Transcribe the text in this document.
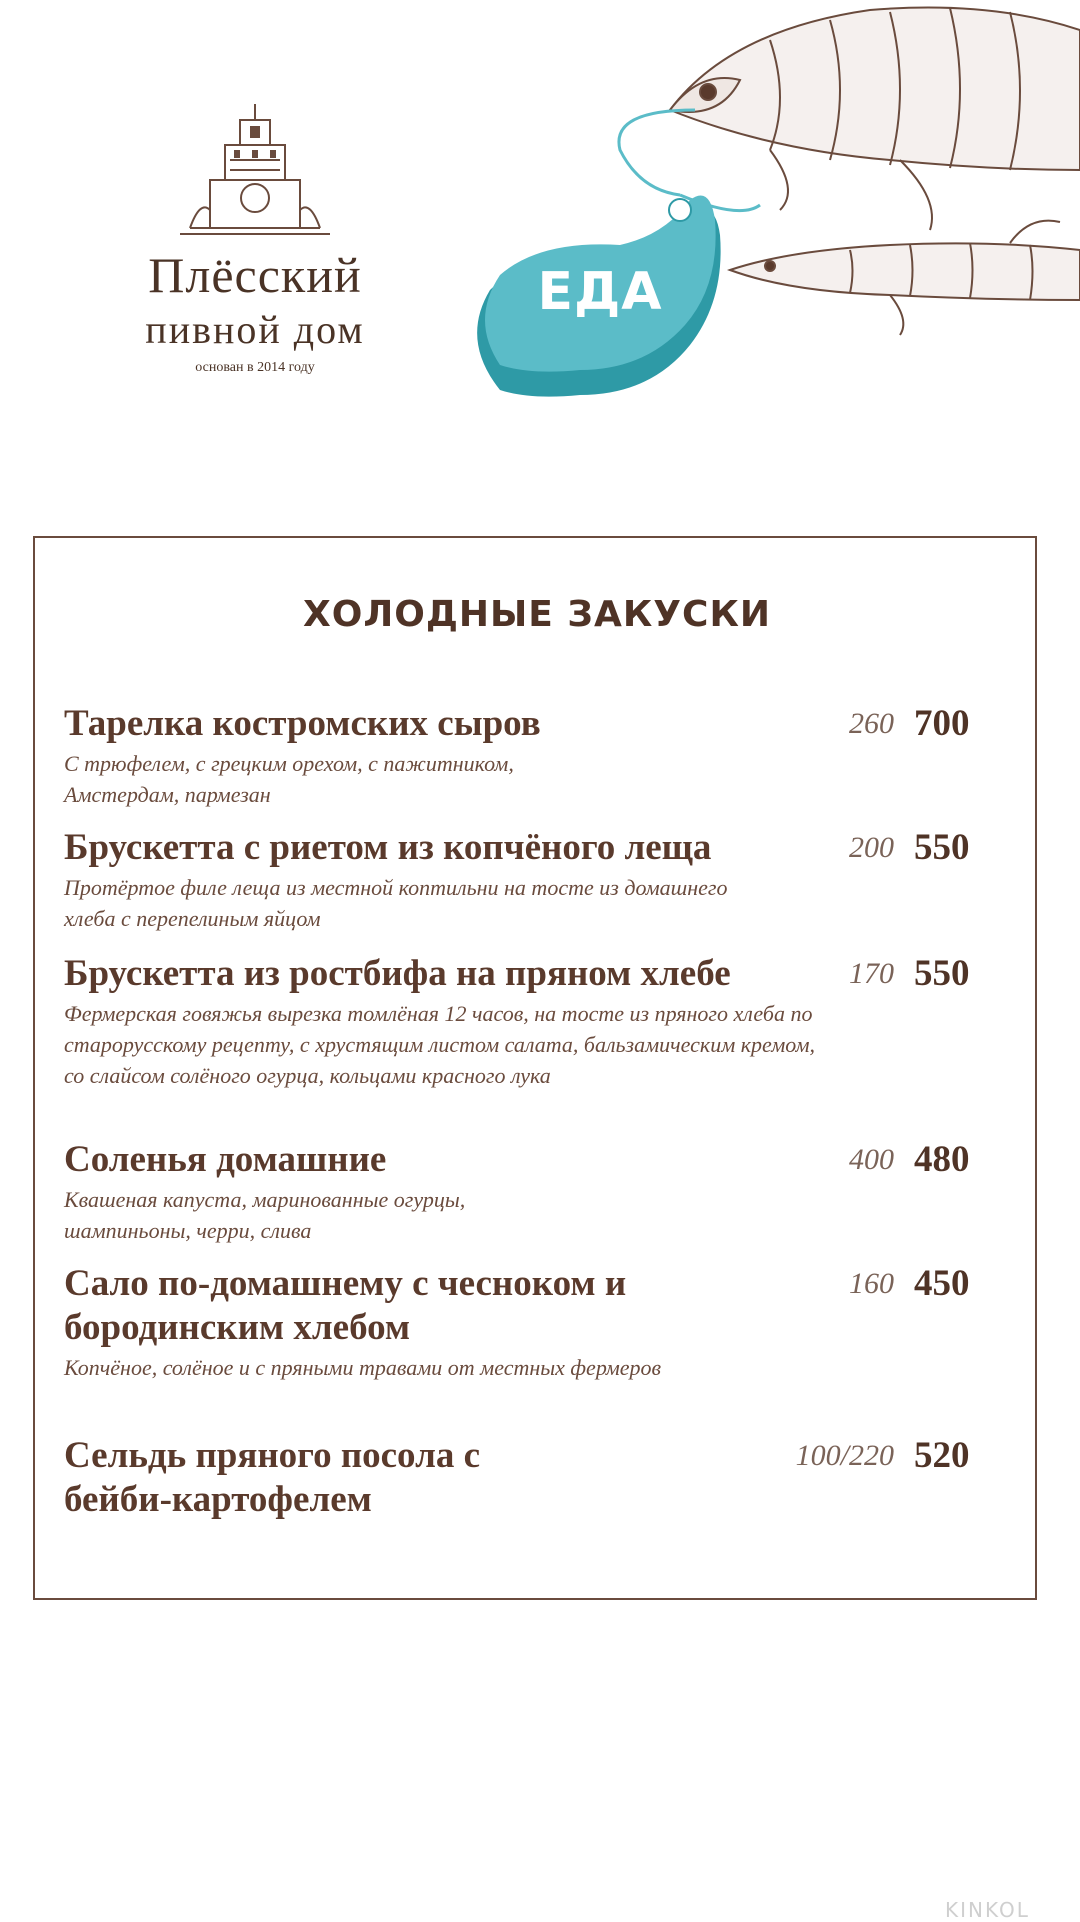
Плёсский
пивной дом
основан в 2014 году
ЕДА
ХОЛОДНЫЕ ЗАКУСКИ
Тарелка костромских сыров
С трюфелем, с грецким орехом, с пажитником, Амстердам, пармезан
260 700
Брускетта с риетом из копчёного леща
Протёртое филе леща из местной коптильни на тосте из домашнего хлеба с перепелиным яйцом
200 550
Брускетта из ростбифа на пряном хлебе
Фермерская говяжья вырезка томлёная 12 часов, на тосте из пряного хлеба по старорусскому рецепту, с хрустящим листом салата, бальзамическим кремом, со слайсом солёного огурца, кольцами красного лука
170 550
Соленья домашние
Квашеная капуста, маринованные огурцы, шампиньоны, черри, слива
400 480
Сало по-домашнему с чесноком и бородинским хлебом
Копчёное, солёное и с пряными травами от местных фермеров
160 450
Сельдь пряного посола с бейби-картофелем
100/220 520
KINKOL
